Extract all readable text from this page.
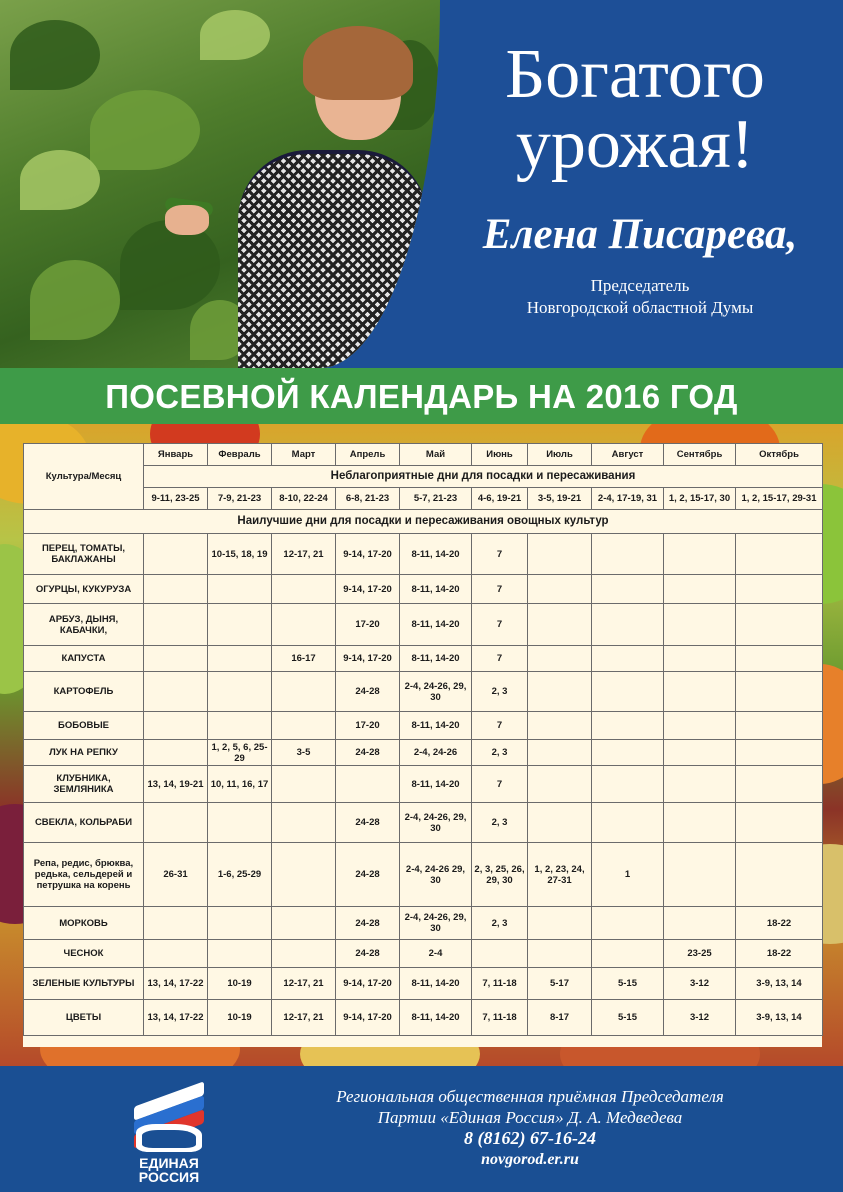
Богатого
урожая!
Елена Писарева,
Председатель
Новгородской областной Думы
ПОСЕВНОЙ КАЛЕНДАРЬ НА 2016 ГОД
Культура/Месяц	Январь	Февраль	Март	Апрель	Май	Июнь	Июль	Август	Сентябрь	Октябрь
	Неблагоприятные дни для посадки и пересаживания									
	9-11, 23-25	7-9, 21-23	8-10, 22-24	6-8, 21-23	5-7, 21-23	4-6, 19-21	3-5, 19-21	2-4, 17-19, 31	1, 2, 15-17, 30	1, 2, 15-17, 29-31
Наилучшие дни для посадки и пересаживания овощных культур										
ПЕРЕЦ, ТОМАТЫ, БАКЛАЖАНЫ		10-15, 18, 19	12-17, 21	9-14, 17-20	8-11, 14-20	7				
ОГУРЦЫ, КУКУРУЗА				9-14, 17-20	8-11, 14-20	7				
АРБУЗ, ДЫНЯ, КАБАЧКИ,				17-20	8-11, 14-20	7				
КАПУСТА			16-17	9-14, 17-20	8-11, 14-20	7				
КАРТОФЕЛЬ				24-28	2-4, 24-26, 29, 30	2, 3				
БОБОВЫЕ				17-20	8-11, 14-20	7				
ЛУК НА РЕПКУ		1, 2, 5, 6, 25-29	3-5	24-28	2-4, 24-26	2, 3				
КЛУБНИКА, ЗЕМЛЯНИКА	13, 14, 19-21	10, 11, 16, 17			8-11, 14-20	7				
СВЕКЛА, КОЛЬРАБИ				24-28	2-4, 24-26, 29, 30	2, 3				
Репа, редис, брюква, редька, сельдерей и петрушка на корень	26-31	1-6, 25-29		24-28	2-4, 24-26 29, 30	2, 3, 25, 26, 29, 30	1, 2, 23, 24, 27-31	1		
МОРКОВЬ				24-28	2-4, 24-26, 29, 30	2, 3				18-22
ЧЕСНОК				24-28	2-4				23-25	18-22
ЗЕЛЕНЫЕ КУЛЬТУРЫ	13, 14, 17-22	10-19	12-17, 21	9-14, 17-20	8-11, 14-20	7, 11-18	5-17	5-15	3-12	3-9, 13, 14
ЦВЕТЫ	13, 14, 17-22	10-19	12-17, 21	9-14, 17-20	8-11, 14-20	7, 11-18	8-17	5-15	3-12	3-9, 13, 14
ЕДИНАЯ
РОССИЯ
Региональная общественная приёмная Председателя
Партии «Единая Россия» Д. А. Медведева
8 (8162) 67-16-24
novgorod.er.ru
